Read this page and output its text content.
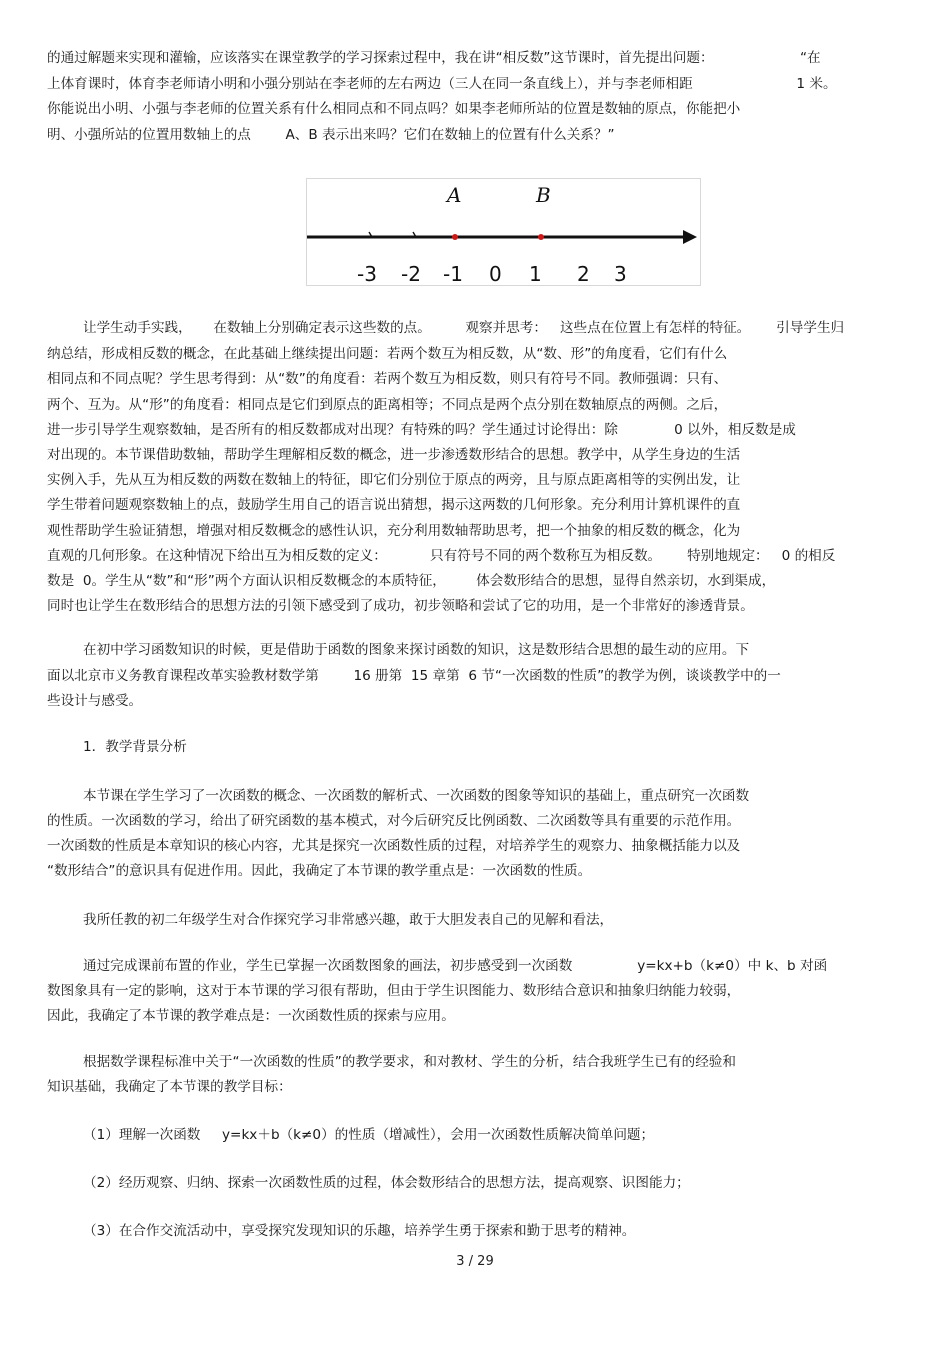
的通过解题来实现和灌输，应该落实在课堂教学的学习探索过程中，我在讲“相反数”这节课时，首先提出问题：                    “在
上体育课时，体育李老师请小明和小强分别站在李老师的左右两边（三人在同一条直线上），并与李老师相距                        1 米。
你能说出小明、小强与李老师的位置关系有什么相同点和不同点吗？如果李老师所站的位置是数轴的原点，你能把小
明、小强所站的位置用数轴上的点        A、B 表示出来吗？它们在数轴上的位置有什么关系？”
A	B
-3 -2 -1 0 1 2 3
让学生动手实践，     在数轴上分别确定表示这些数的点。        观察并思考：   这些点在位置上有怎样的特征。      引导学生归
纳总结，形成相反数的概念，在此基础上继续提出问题：若两个数互为相反数，从“数、形”的角度看，它们有什么
相同点和不同点呢？学生思考得到：从“数”的角度看：若两个数互为相反数，则只有符号不同。教师强调：只有、
两个、互为。从“形”的角度看：相同点是它们到原点的距离相等；不同点是两个点分别在数轴原点的两侧。之后，
进一步引导学生观察数轴，是否所有的相反数都成对出现？有特殊的吗？学生通过讨论得出：除             0 以外，相反数是成
对出现的。本节课借助数轴，帮助学生理解相反数的概念，进一步渗透数形结合的思想。教学中，从学生身边的生活
实例入手，先从互为相反数的两数在数轴上的特征，即它们分别位于原点的两旁，且与原点距离相等的实例出发，让
学生带着问题观察数轴上的点，鼓励学生用自己的语言说出猜想，揭示这两数的几何形象。充分利用计算机课件的直
观性帮助学生验证猜想，增强对相反数概念的感性认识，充分利用数轴帮助思考，把一个抽象的相反数的概念，化为
直观的几何形象。在这种情况下给出互为相反数的定义：          只有符号不同的两个数称互为相反数。      特别地规定：   0 的相反
数是  0。学生从“数”和“形”两个方面认识相反数概念的本质特征，       体会数形结合的思想，显得自然亲切，水到渠成，
同时也让学生在数形结合的思想方法的引领下感受到了成功，初步领略和尝试了它的功用，是一个非常好的渗透背景。
在初中学习函数知识的时候，更是借助于函数的图象来探讨函数的知识，这是数形结合思想的最生动的应用。下
面以北京市义务教育课程改革实验教材数学第        16 册第  15 章第  6 节“一次函数的性质”的教学为例，谈谈教学中的一
些设计与感受。
1．教学背景分析
本节课在学生学习了一次函数的概念、一次函数的解析式、一次函数的图象等知识的基础上，重点研究一次函数
的性质。一次函数的学习，给出了研究函数的基本模式，对今后研究反比例函数、二次函数等具有重要的示范作用。
一次函数的性质是本章知识的核心内容，尤其是探究一次函数性质的过程，对培养学生的观察力、抽象概括能力以及
“数形结合”的意识具有促进作用。因此，我确定了本节课的教学重点是：一次函数的性质。
我所任教的初二年级学生对合作探究学习非常感兴趣，敢于大胆发表自己的见解和看法，
通过完成课前布置的作业，学生已掌握一次函数图象的画法，初步感受到一次函数               y=kx+b（k≠0）中 k、b 对函
数图象具有一定的影响，这对于本节课的学习很有帮助，但由于学生识图能力、数形结合意识和抽象归纳能力较弱，
因此，我确定了本节课的教学难点是：一次函数性质的探索与应用。
根据数学课程标准中关于“一次函数的性质”的教学要求，和对教材、学生的分析，结合我班学生已有的经验和
知识基础，我确定了本节课的教学目标：
（1）理解一次函数     y=kx＋b（k≠0）的性质（增减性），会用一次函数性质解决简单问题；
（2）经历观察、归纳、探索一次函数性质的过程，体会数形结合的思想方法，提高观察、识图能力；
（3）在合作交流活动中，享受探究发现知识的乐趣，培养学生勇于探索和勤于思考的精神。
3 / 29
